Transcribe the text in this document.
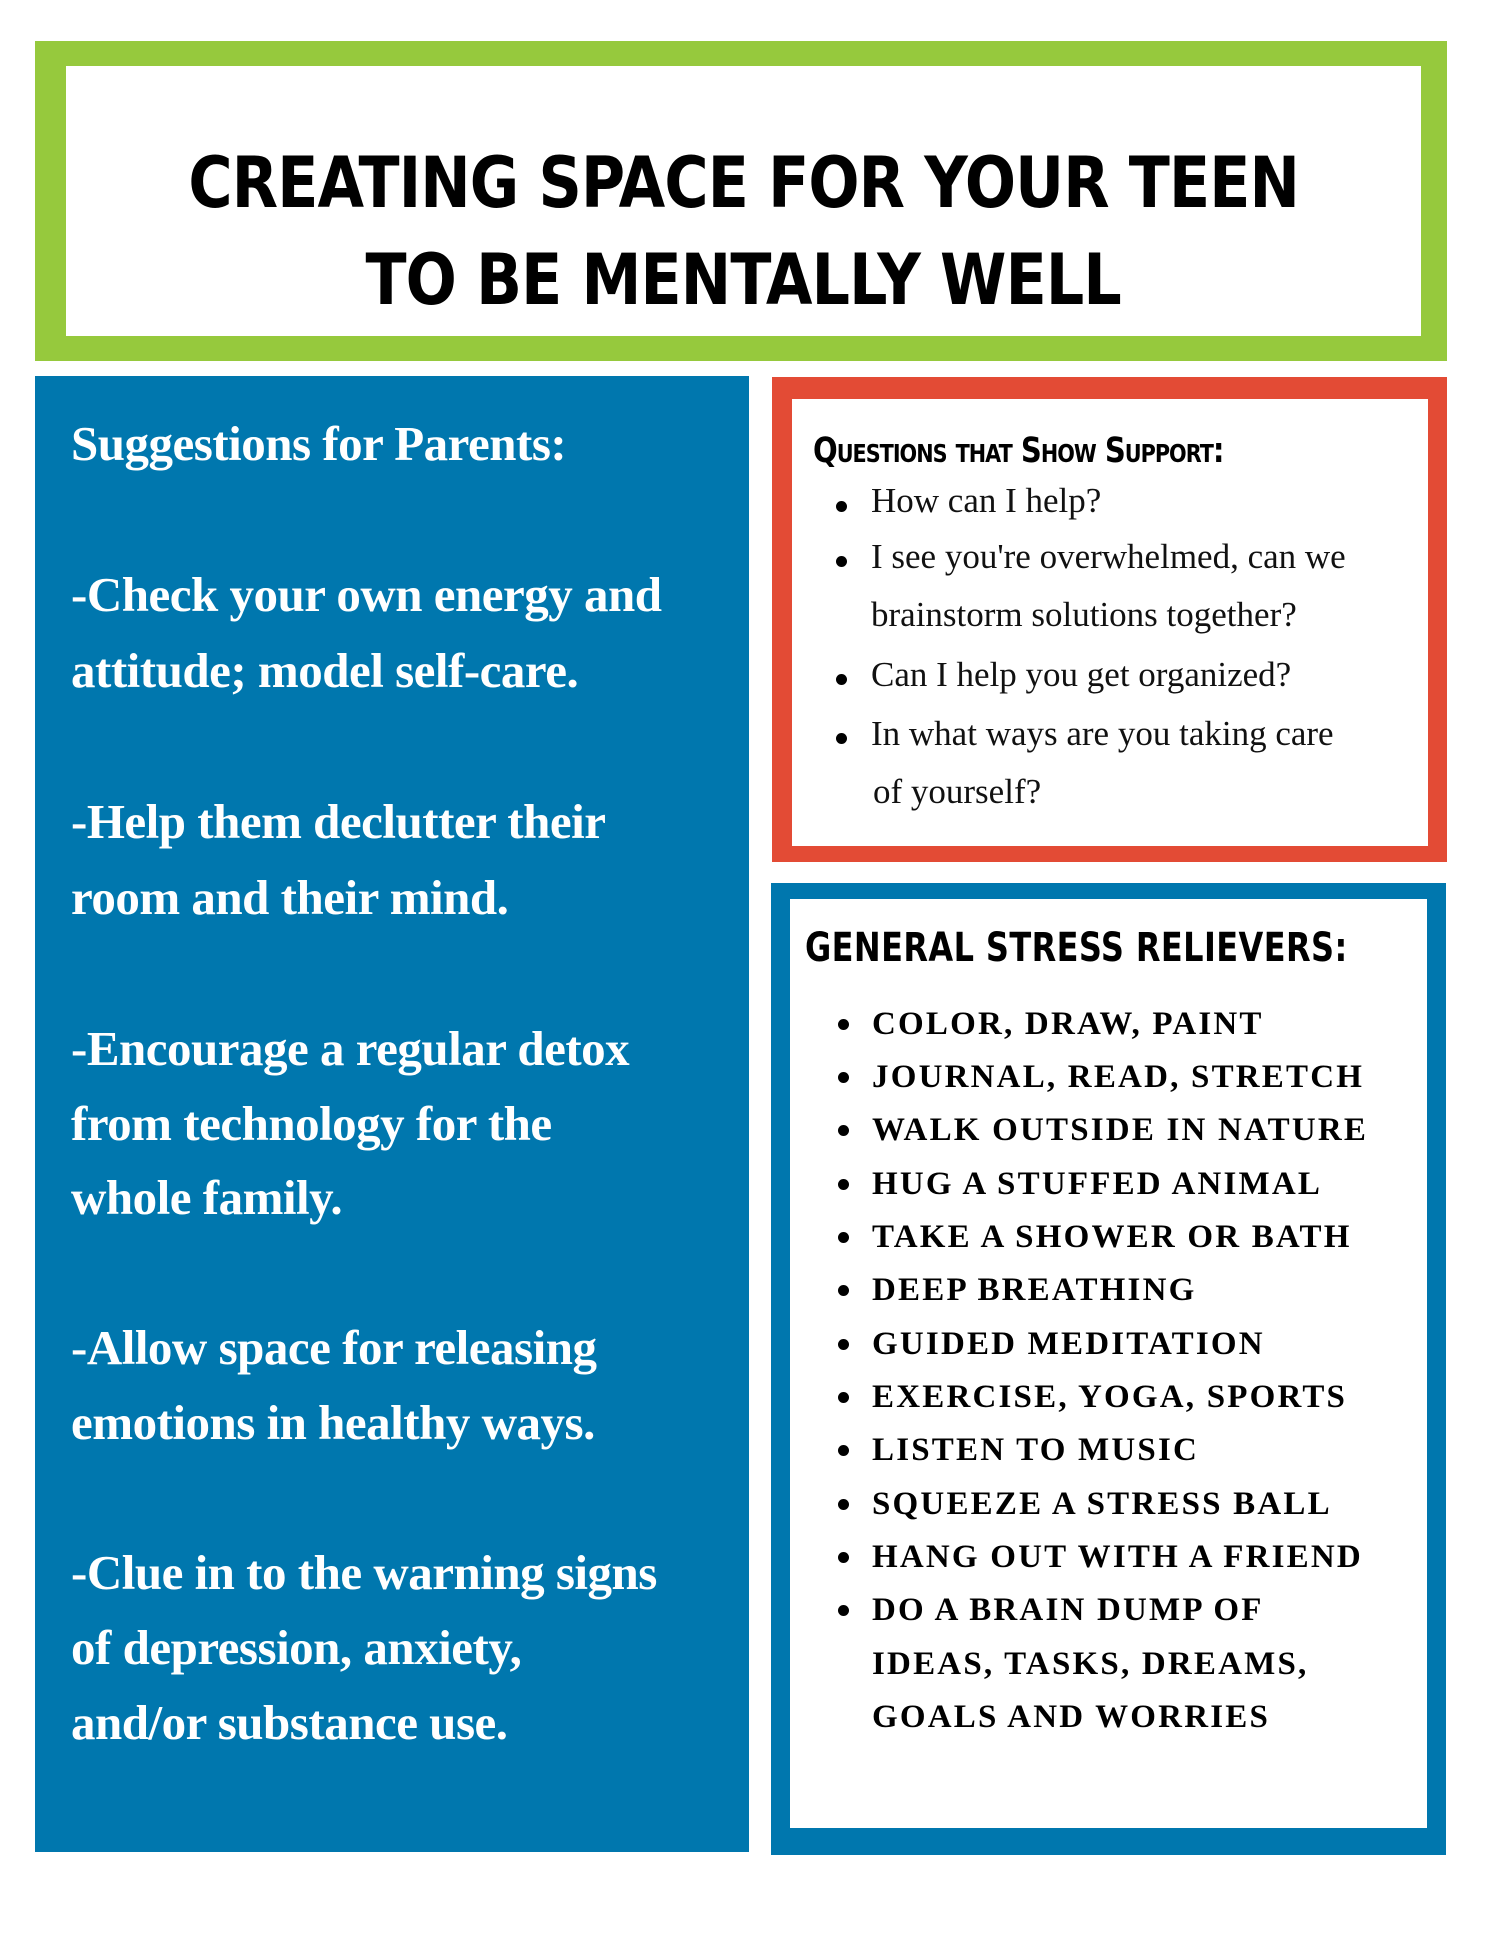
CREATING SPACE FOR YOUR TEEN
TO BE MENTALLY WELL
Suggestions for Parents:
-Check your own energy and
attitude; model self-care.
-Help them declutter their
room and their mind.
-Encourage a regular detox
from technology for the
whole family.
-Allow space for releasing
emotions in healthy ways.
-Clue in to the warning signs
of depression, anxiety,
and/or substance use.
Questions that Show Support:
How can I help?
I see you're overwhelmed, can we
brainstorm solutions together?
Can I help you get organized?
In what ways are you taking care
of yourself?
GENERAL STRESS RELIEVERS:
COLOR, DRAW, PAINT
JOURNAL, READ, STRETCH
WALK OUTSIDE IN NATURE
HUG A STUFFED ANIMAL
TAKE A SHOWER OR BATH
DEEP BREATHING
GUIDED MEDITATION
EXERCISE, YOGA, SPORTS
LISTEN TO MUSIC
SQUEEZE A STRESS BALL
HANG OUT WITH A FRIEND
DO A BRAIN DUMP OF
IDEAS, TASKS, DREAMS,
GOALS AND WORRIES
